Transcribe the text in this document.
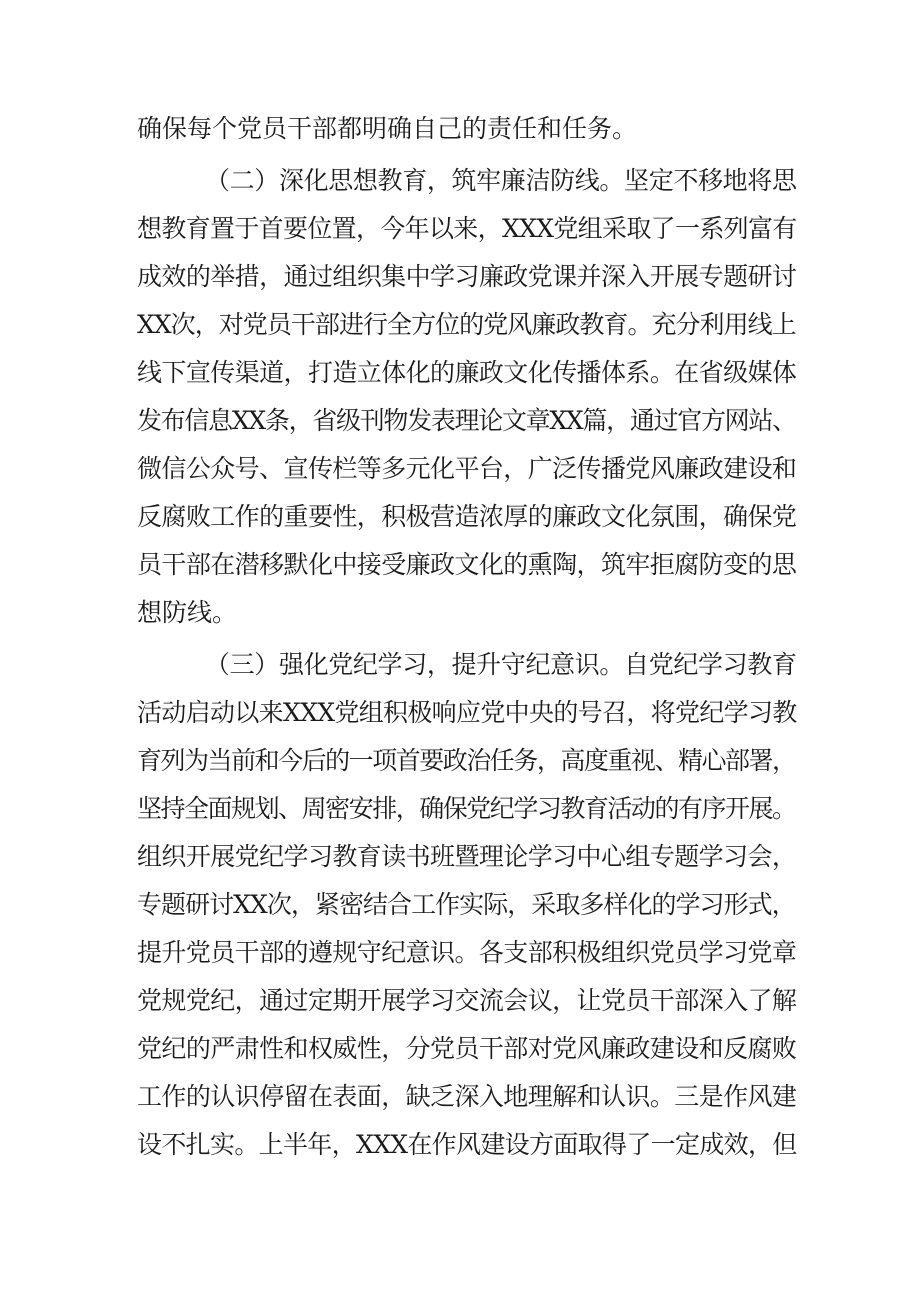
确保每个党员干部都明确自己的责任和任务。
（二）深化思想教育，筑牢廉洁防线。坚定不移地将思
想教育置于首要位置，今年以来，XXX党组采取了一系列富有
成效的举措，通过组织集中学习廉政党课并深入开展专题研讨
XX次，对党员干部进行全方位的党风廉政教育。充分利用线上
线下宣传渠道，打造立体化的廉政文化传播体系。在省级媒体
发布信息XX条，省级刊物发表理论文章XX篇，通过官方网站、
微信公众号、宣传栏等多元化平台，广泛传播党风廉政建设和
反腐败工作的重要性，积极营造浓厚的廉政文化氛围，确保党
员干部在潜移默化中接受廉政文化的熏陶，筑牢拒腐防变的思
想防线。
（三）强化党纪学习，提升守纪意识。自党纪学习教育
活动启动以来XXX党组积极响应党中央的号召，将党纪学习教
育列为当前和今后的一项首要政治任务，高度重视、精心部署，
坚持全面规划、周密安排，确保党纪学习教育活动的有序开展。
组织开展党纪学习教育读书班暨理论学习中心组专题学习会，
专题研讨XX次，紧密结合工作实际，采取多样化的学习形式，
提升党员干部的遵规守纪意识。各支部积极组织党员学习党章
党规党纪，通过定期开展学习交流会议，让党员干部深入了解
党纪的严肃性和权威性，分党员干部对党风廉政建设和反腐败
工作的认识停留在表面，缺乏深入地理解和认识。三是作风建
设不扎实。上半年，XXX在作风建设方面取得了一定成效，但
